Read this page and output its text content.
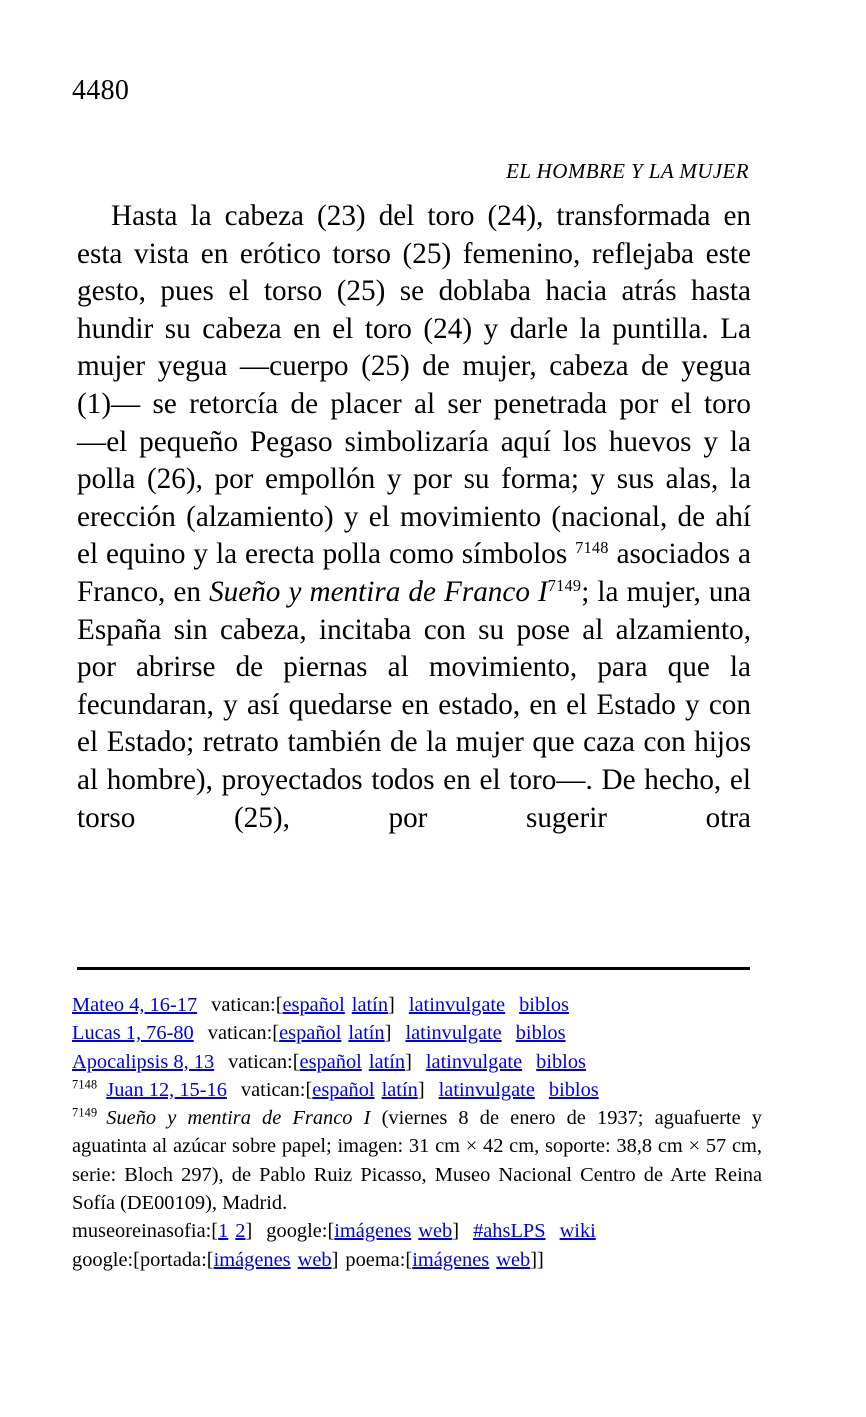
4480
EL HOMBRE Y LA MUJER

Hasta la cabeza (23) del toro (24), transformada en esta vista en erótico torso (25) femenino, reflejaba este gesto, pues el torso (25) se doblaba hacia atrás hasta hundir su cabeza en el toro (24) y darle la puntilla. La mujer yegua ―cuerpo (25) de mujer, cabeza de yegua (1)― se retorcía de placer al ser penetrada por el toro ―el pequeño Pegaso simbolizaría aquí los huevos y la polla (26), por empollón y por su forma; y sus alas, la erección (alzamiento) y el movimiento (nacional, de ahí el equino y la erecta polla como símbolos $^{7148}$ asociados a Franco, en Sueño y mentira de Franco I$^{7149}$; la mujer, una España sin cabeza, incitaba con su pose al alzamiento, por abrirse de piernas al movimiento, para que la fecundaran, y así quedarse en estado, en el Estado y con el Estado; retrato también de la mujer que caza con hijos al hombre), proyectados todos en el toro―. De hecho, el torso (25), por sugerir otra

Mateo 4, 16-17 vatican:[español latín] latinvulgate biblos
Lucas 1, 76-80 vatican:[español latín] latinvulgate biblos
Apocalipsis 8, 13 vatican:[español latín] latinvulgate biblos
$^{7148}$ Juan 12, 15-16 vatican:[español latín] latinvulgate biblos
$^{7149}$ Sueño y mentira de Franco I (viernes 8 de enero de 1937; aguafuerte y aguatinta al azúcar sobre papel; imagen: 31 cm × 42 cm, soporte: 38,8 cm × 57 cm, serie: Bloch 297), de Pablo Ruiz Picasso, Museo Nacional Centro de Arte Reina Sofía (DE00109), Madrid.
museoreinasofia:[1 2] google:[imágenes web] #ahsLPS wiki
google:[portada:[imágenes web] poema:[imágenes web]]
